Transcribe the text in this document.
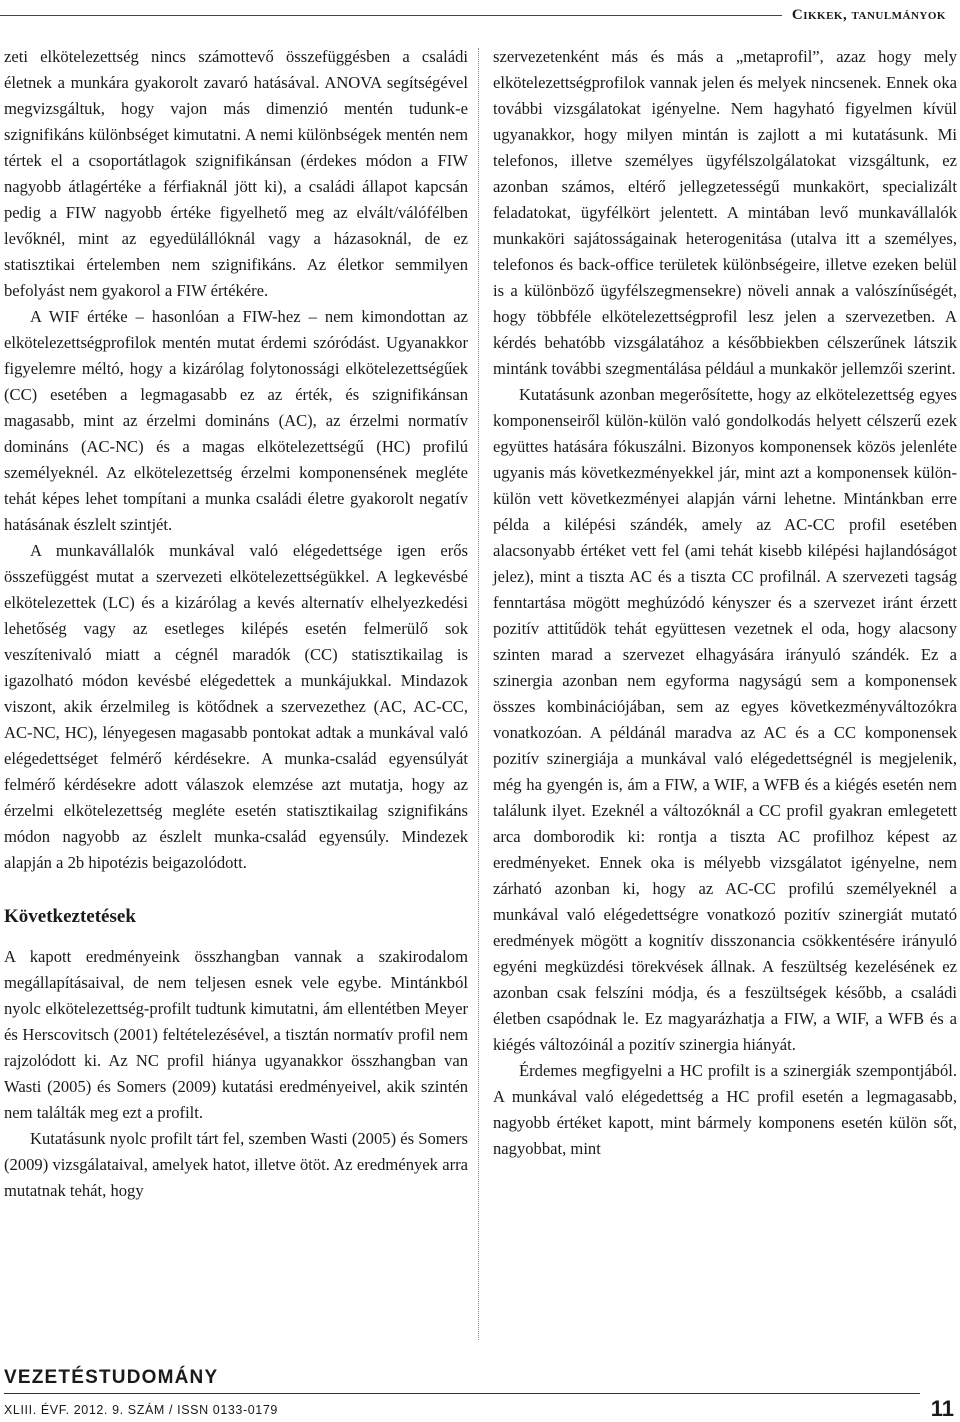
Cikkek, tanulmányok

zeti elkötelezettség nincs számottevő összefüggésben a családi életnek a munkára gyakorolt zavaró hatásával. ANOVA segítségével megvizsgáltuk, hogy vajon más dimenzió mentén tudunk-e szignifikáns különbséget kimutatni. A nemi különbségek mentén nem tértek el a csoportátlagok szignifikánsan (érdekes módon a FIW nagyobb átlagértéke a férfiaknál jött ki), a családi állapot kapcsán pedig a FIW nagyobb értéke figyelhető meg az elvált/válófélben levőknél, mint az egyedülállóknál vagy a házasoknál, de ez statisztikai értelemben nem szignifikáns. Az életkor semmilyen befolyást nem gyakorol a FIW értékére.

A WIF értéke – hasonlóan a FIW-hez – nem kimondottan az elkötelezettségprofilok mentén mutat érdemi szóródást. Ugyanakkor figyelemre méltó, hogy a kizárólag folytonossági elkötelezettségűek (CC) esetében a legmagasabb ez az érték, és szignifikánsan magasabb, mint az érzelmi domináns (AC), az érzelmi normatív domináns (AC-NC) és a magas elkötelezettségű (HC) profilú személyeknél. Az elkötelezettség érzelmi komponensének megléte tehát képes lehet tompítani a munka családi életre gyakorolt negatív hatásának észlelt szintjét.

A munkavállalók munkával való elégedettsége igen erős összefüggést mutat a szervezeti elkötelezettségükkel. A legkevésbé elkötelezettek (LC) és a kizárólag a kevés alternatív elhelyezkedési lehetőség vagy az esetleges kilépés esetén felmerülő sok veszítenivaló miatt a cégnél maradók (CC) statisztikailag is igazolható módon kevésbé elégedettek a munkájukkal. Mindazok viszont, akik érzelmileg is kötődnek a szervezethez (AC, AC-CC, AC-NC, HC), lényegesen magasabb pontokat adtak a munkával való elégedettséget felmérő kérdésekre. A munka-család egyensúlyát felmérő kérdésekre adott válaszok elemzése azt mutatja, hogy az érzelmi elkötelezettség megléte esetén statisztikailag szignifikáns módon nagyobb az észlelt munka-család egyensúly. Mindezek alapján a 2b hipotézis beigazolódott.

Következtetések

A kapott eredményeink összhangban vannak a szakirodalom megállapításaival, de nem teljesen esnek vele egybe. Mintánkból nyolc elkötelezettség-profilt tudtunk kimutatni, ám ellentétben Meyer és Herscovitsch (2001) feltételezésével, a tisztán normatív profil nem rajzolódott ki. Az NC profil hiánya ugyanakkor összhangban van Wasti (2005) és Somers (2009) kutatási eredményeivel, akik szintén nem találták meg ezt a profilt.

Kutatásunk nyolc profilt tárt fel, szemben Wasti (2005) és Somers (2009) vizsgálataival, amelyek hatot, illetve ötöt. Az eredmények arra mutatnak tehát, hogy

szervezetenként más és más a „metaprofil”, azaz hogy mely elkötelezettségprofilok vannak jelen és melyek nincsenek. Ennek oka további vizsgálatokat igényelne. Nem hagyható figyelmen kívül ugyanakkor, hogy milyen mintán is zajlott a mi kutatásunk. Mi telefonos, illetve személyes ügyfélszolgálatokat vizsgáltunk, ez azonban számos, eltérő jellegzetességű munkakört, specializált feladatokat, ügyfélkört jelentett. A mintában levő munkavállalók munkaköri sajátosságainak heterogenitása (utalva itt a személyes, telefonos és back-office területek különbségeire, illetve ezeken belül is a különböző ügyfélszegmensekre) növeli annak a valószínűségét, hogy többféle elkötelezettségprofil lesz jelen a szervezetben. A kérdés behatóbb vizsgálatához a későbbiekben célszerűnek látszik mintánk további szegmentálása például a munkakör jellemzői szerint.

Kutatásunk azonban megerősítette, hogy az elkötelezettség egyes komponenseiről külön-külön való gondolkodás helyett célszerű ezek együttes hatására fókuszálni. Bizonyos komponensek közös jelenléte ugyanis más következményekkel jár, mint azt a komponensek külön-külön vett következményei alapján várni lehetne. Mintánkban erre példa a kilépési szándék, amely az AC-CC profil esetében alacsonyabb értéket vett fel (ami tehát kisebb kilépési hajlandóságot jelez), mint a tiszta AC és a tiszta CC profilnál. A szervezeti tagság fenntartása mögött meghúzódó kényszer és a szervezet iránt érzett pozitív attitűdök tehát együttesen vezetnek el oda, hogy alacsony szinten marad a szervezet elhagyására irányuló szándék. Ez a szinergia azonban nem egyforma nagyságú sem a komponensek összes kombinációjában, sem az egyes következményváltozókra vonatkozóan. A példánál maradva az AC és a CC komponensek pozitív szinergiája a munkával való elégedettségnél is megjelenik, még ha gyengén is, ám a FIW, a WIF, a WFB és a kiégés esetén nem találunk ilyet. Ezeknél a változóknál a CC profil gyakran emlegetett arca domborodik ki: rontja a tiszta AC profilhoz képest az eredményeket. Ennek oka is mélyebb vizsgálatot igényelne, nem zárható azonban ki, hogy az AC-CC profilú személyeknél a munkával való elégedettségre vonatkozó pozitív szinergiát mutató eredmények mögött a kognitív disszonancia csökkentésére irányuló egyéni megküzdési törekvések állnak. A feszültség kezelésének ez azonban csak felszíni módja, és a feszültségek később, a családi életben csapódnak le. Ez magyarázhatja a FIW, a WIF, a WFB és a kiégés változóinál a pozitív szinergia hiányát.

Érdemes megfigyelni a HC profilt is a szinergiák szempontjából. A munkával való elégedettség a HC profil esetén a legmagasabb, nagyobb értéket kapott, mint bármely komponens esetén külön sőt, nagyobbat, mint

VEZETÉSTUDOMÁNY
XLIII. ÉVF. 2012. 9. SZÁM / ISSN 0133-0179	11
